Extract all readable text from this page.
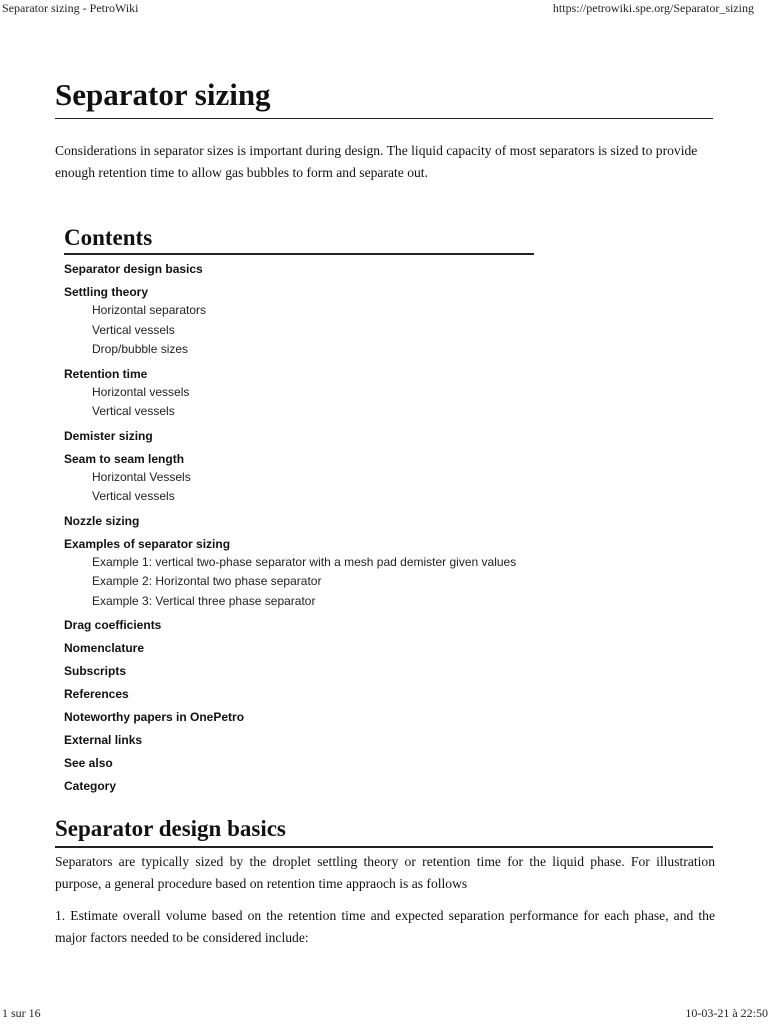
Separator sizing - PetroWiki	https://petrowiki.spe.org/Separator_sizing
Separator sizing

Considerations in separator sizes is important during design. The liquid capacity of most separators is sized to provide enough retention time to allow gas bubbles to form and separate out.

Contents
Separator design basics
Settling theory
Horizontal separators
Vertical vessels
Drop/bubble sizes
Retention time
Horizontal vessels
Vertical vessels
Demister sizing
Seam to seam length
Horizontal Vessels
Vertical vessels
Nozzle sizing
Examples of separator sizing
Example 1: vertical two-phase separator with a mesh pad demister given values
Example 2: Horizontal two phase separator
Example 3: Vertical three phase separator
Drag coefficients
Nomenclature
Subscripts
References
Noteworthy papers in OnePetro
External links
See also
Category
Separator design basics

Separators are typically sized by the droplet settling theory or retention time for the liquid phase. For illustration purpose, a general procedure based on retention time appraoch is as follows

1. Estimate overall volume based on the retention time and expected separation performance for each phase, and the major factors needed to be considered include:

1 sur 16	10-03-21 à 22:50
